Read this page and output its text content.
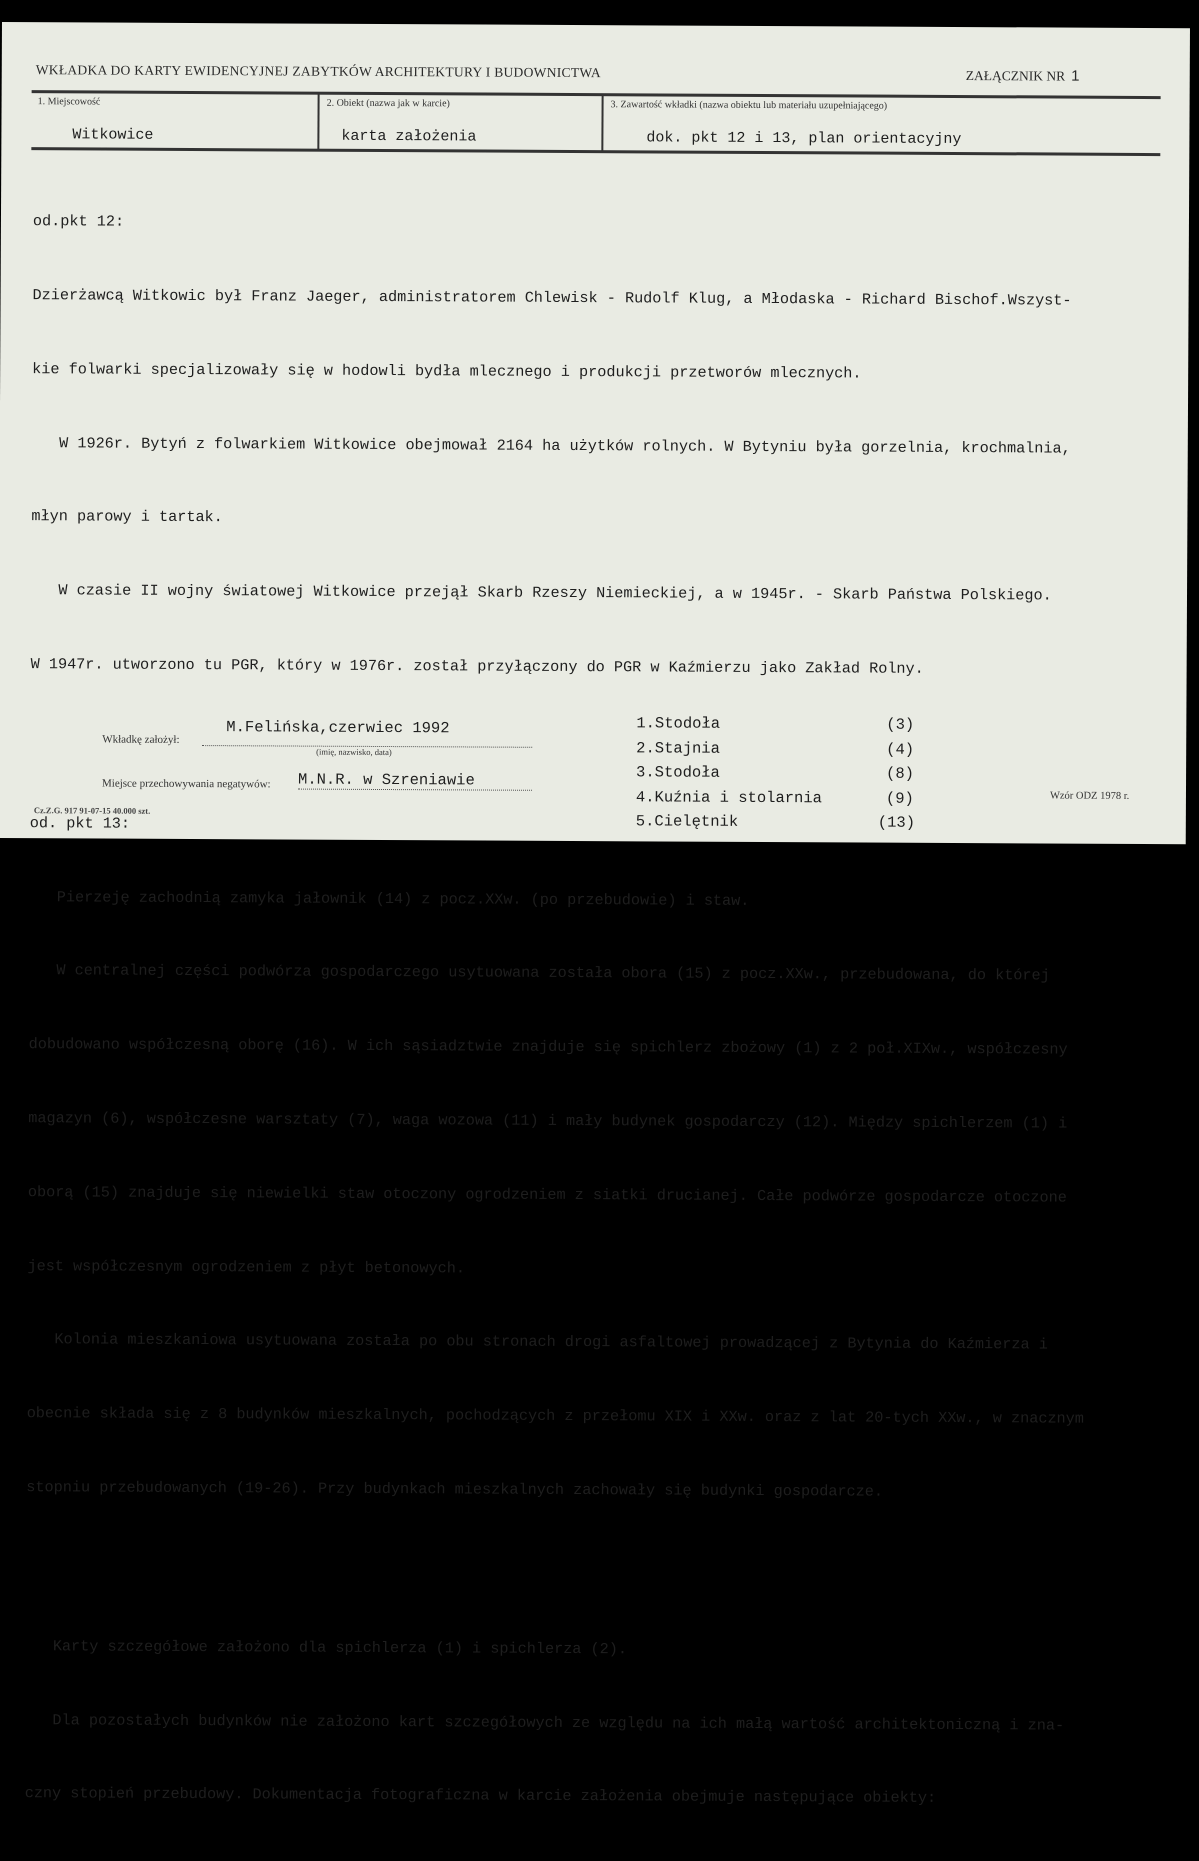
WKŁADKA DO KARTY EWIDENCYJNEJ ZABYTKÓW ARCHITEKTURY I BUDOWNICTWA	ZAŁĄCZNIK NR 1
1. Miejscowość
Witkowice
2. Obiekt (nazwa jak w karcie)
karta założenia
3. Zawartość wkładki (nazwa obiektu lub materiału uzupełniającego)
dok. pkt 12 i 13, plan orientacyjny

od.pkt 12:

Dzierżawcą Witkowic był Franz Jaeger, administratorem Chlewisk - Rudolf Klug, a Młodaska - Richard Bischof.Wszyst-

kie folwarki specjalizowały się w hodowli bydła mlecznego i produkcji przetworów mlecznych.

W 1926r. Bytyń z folwarkiem Witkowice obejmował 2164 ha użytków rolnych. W Bytyniu była gorzelnia, krochmalnia,

młyn parowy i tartak.

W czasie II wojny światowej Witkowice przejął Skarb Rzeszy Niemieckiej, a w 1945r. - Skarb Państwa Polskiego.

W 1947r. utworzono tu PGR, który w 1976r. został przyłączony do PGR w Kaźmierzu jako Zakład Rolny.

od. pkt 13:

Pierzeję zachodnią zamyka jałownik (14) z pocz.XXw. (po przebudowie) i staw.

W centralnej części podwórza gospodarczego usytuowana została obora (15) z pocz.XXw., przebudowana, do której

dobudowano współczesną oborę (16). W ich sąsiadztwie znajduje się spichlerz zbożowy (1) z 2 poł.XIXw., współczesny

magazyn (6), współczesne warsztaty (7), waga wozowa (11) i mały budynek gospodarczy (12). Między spichlerzem (1) i

oborą (15) znajduje się niewielki staw otoczony ogrodzeniem z siatki drucianej. Całe podwórze gospodarcze otoczone

jest współczesnym ogrodzeniem z płyt betonowych.

Kolonia mieszkaniowa usytuowana została po obu stronach drogi asfaltowej prowadzącej z Bytynia do Kaźmierza i

obecnie składa się z 8 budynków mieszkalnych, pochodzących z przełomu XIX i XXw. oraz z lat 20-tych XXw., w znacznym

stopniu przebudowanych (19-26). Przy budynkach mieszkalnych zachowały się budynki gospodarcze.

Karty szczegółowe założono dla spichlerza (1) i spichlerza (2).

Dla pozostałych budynków nie założono kart szczegółowych ze względu na ich małą wartość architektoniczną i zna-

czny stopień przebudowy. Dokumentacja fotograficzna w karcie założenia obejmuje następujące obiekty:

M.Felińska,czerwiec 1992
Wkładkę założył:
(imię, nazwisko, data)
Miejsce przechowywania negatywów: M.N.R. w Szreniawie
Cz.Z.G. 917 91-07-15 40.000 szt.
Wzór ODZ 1978 r.
1.Stodoła	(3)
2.Stajnia	(4)
3.Stodoła	(8)
4.Kuźnia i stolarnia	(9)
5.Cielętnik	(13)
